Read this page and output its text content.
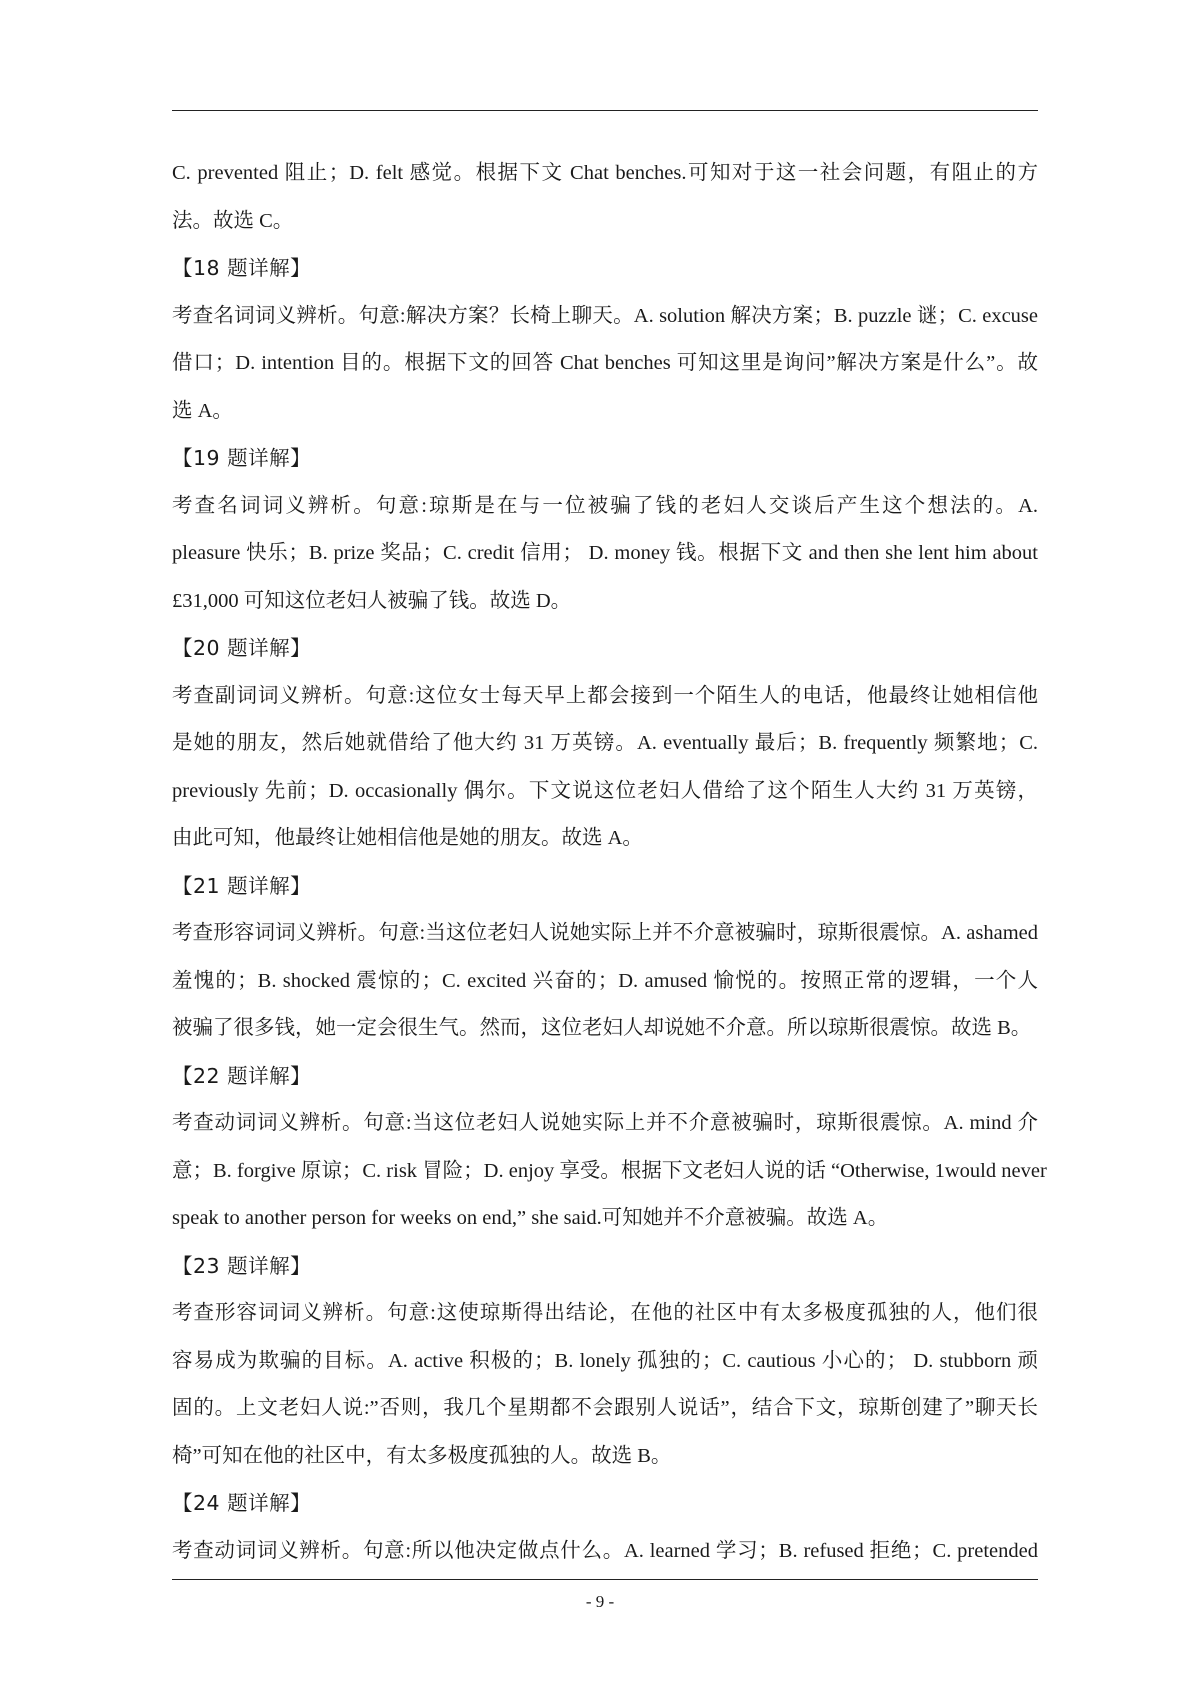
C. prevented 阻止；D. felt 感觉。根据下文 Chat benches.可知对于这一社会问题，有阻止的方
法。故选 C。
【18 题详解】
考查名词词义辨析。句意:解决方案？长椅上聊天。A. solution 解决方案；B. puzzle 谜；C. excuse
借口；D. intention 目的。根据下文的回答 Chat benches 可知这里是询问”解决方案是什么”。故
选 A。
【19 题详解】
考查名词词义辨析。句意:琼斯是在与一位被骗了钱的老妇人交谈后产生这个想法的。A.
pleasure 快乐；B. prize 奖品；C. credit 信用； D. money 钱。根据下文 and then she lent him about
£31,000 可知这位老妇人被骗了钱。故选 D。
【20 题详解】
考查副词词义辨析。句意:这位女士每天早上都会接到一个陌生人的电话，他最终让她相信他
是她的朋友，然后她就借给了他大约 31 万英镑。A. eventually 最后；B. frequently 频繁地；C.
previously 先前；D. occasionally 偶尔。下文说这位老妇人借给了这个陌生人大约 31 万英镑，
由此可知，他最终让她相信他是她的朋友。故选 A。
【21 题详解】
考查形容词词义辨析。句意:当这位老妇人说她实际上并不介意被骗时，琼斯很震惊。A. ashamed
羞愧的；B. shocked 震惊的；C. excited 兴奋的；D. amused 愉悦的。按照正常的逻辑，一个人
被骗了很多钱，她一定会很生气。然而，这位老妇人却说她不介意。所以琼斯很震惊。故选 B。
【22 题详解】
考查动词词义辨析。句意:当这位老妇人说她实际上并不介意被骗时，琼斯很震惊。A. mind 介
意；B. forgive 原谅；C. risk 冒险；D. enjoy 享受。根据下文老妇人说的话 “Otherwise, 1would never
speak to another person for weeks on end,” she said.可知她并不介意被骗。故选 A。
【23 题详解】
考查形容词词义辨析。句意:这使琼斯得出结论，在他的社区中有太多极度孤独的人，他们很
容易成为欺骗的目标。A. active 积极的；B. lonely 孤独的；C. cautious 小心的； D. stubborn 顽
固的。上文老妇人说:”否则，我几个星期都不会跟别人说话”，结合下文，琼斯创建了”聊天长
椅”可知在他的社区中，有太多极度孤独的人。故选 B。
【24 题详解】
考查动词词义辨析。句意:所以他决定做点什么。A. learned 学习；B. refused 拒绝；C. pretended
- 9 -
